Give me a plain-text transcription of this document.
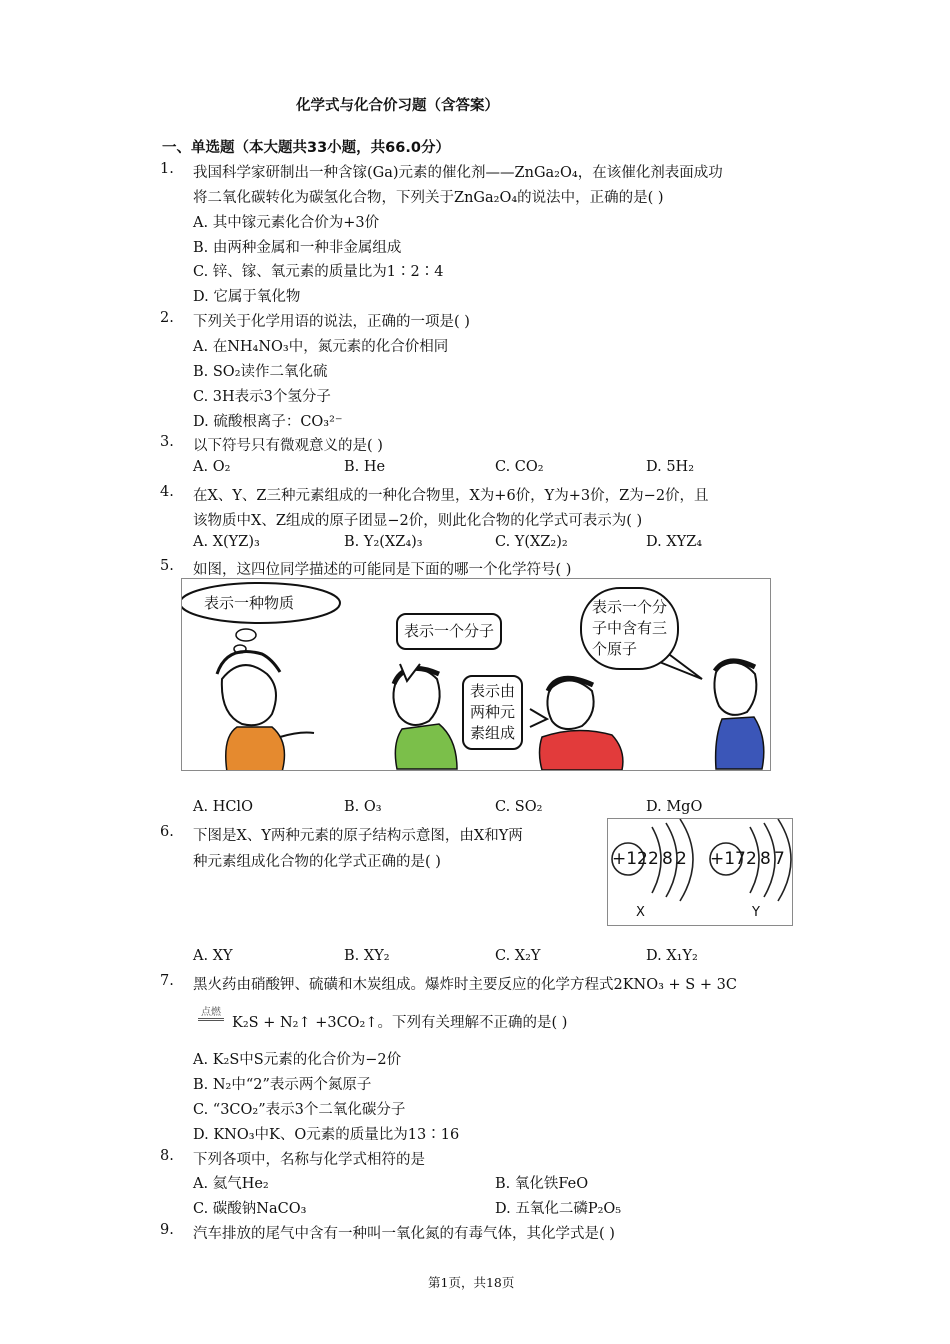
化学式与化合价习题（含答案）
一、单选题（本大题共33小题，共66.0分）
1. 我国科学家研制出一种含镓(Ga)元素的催化剂——ZnGa₂O₄，在该催化剂表面成功
将二氧化碳转化为碳氢化合物，下列关于ZnGa₂O₄的说法中，正确的是( )
A. 其中镓元素化合价为+3价
B. 由两种金属和一种非金属组成
C. 锌、镓、氧元素的质量比为1∶2∶4
D. 它属于氧化物
2. 下列关于化学用语的说法，正确的一项是( )
A. 在NH₄NO₃中，氮元素的化合价相同
B. SO₂读作二氧化硫
C. 3H表示3个氢分子
D. 硫酸根离子：CO₃²⁻
3. 以下符号只有微观意义的是( )
A. O₂	B. He	C. CO₂	D. 5H₂
4. 在X、Y、Z三种元素组成的一种化合物里，X为+6价，Y为+3价，Z为−2价，且
该物质中X、Z组成的原子团显−2价，则此化合物的化学式可表示为( )
A. X(YZ)₃	B. Y₂(XZ₄)₃	C. Y(XZ₂)₂	D. XYZ₄
5. 如图，这四位同学描述的可能同是下面的哪一个化学符号( )
表示一种物质
表示一个分子
表示由
两种元
素组成
表示一个分
子中含有三
个原子
A. HClO	B. O₃	C. SO₂	D. MgO
6. 下图是X、Y两种元素的原子结构示意图，由X和Y两
种元素组成化合物的化学式正确的是( )	+12 2 8 2 +17 2 8 7
X	Y
A. XY	B. XY₂	C. X₂Y	D. X₁Y₂
7. 黑火药由硝酸钾、硫磺和木炭组成。爆炸时主要反应的化学方程式2KNO₃ + S + 3C
点燃
K₂S + N₂↑ +3CO₂↑。下列有关理解不正确的是( )
A. K₂S中S元素的化合价为−2价
B. N₂中“2”表示两个氮原子
C. “3CO₂”表示3个二氧化碳分子
D. KNO₃中K、O元素的质量比为13∶16
8. 下列各项中，名称与化学式相符的是
A. 氦气He₂	B. 氧化铁FeO
C. 碳酸钠NaCO₃	D. 五氧化二磷P₂O₅
9. 汽车排放的尾气中含有一种叫一氧化氮的有毒气体，其化学式是( )
第1页，共18页
